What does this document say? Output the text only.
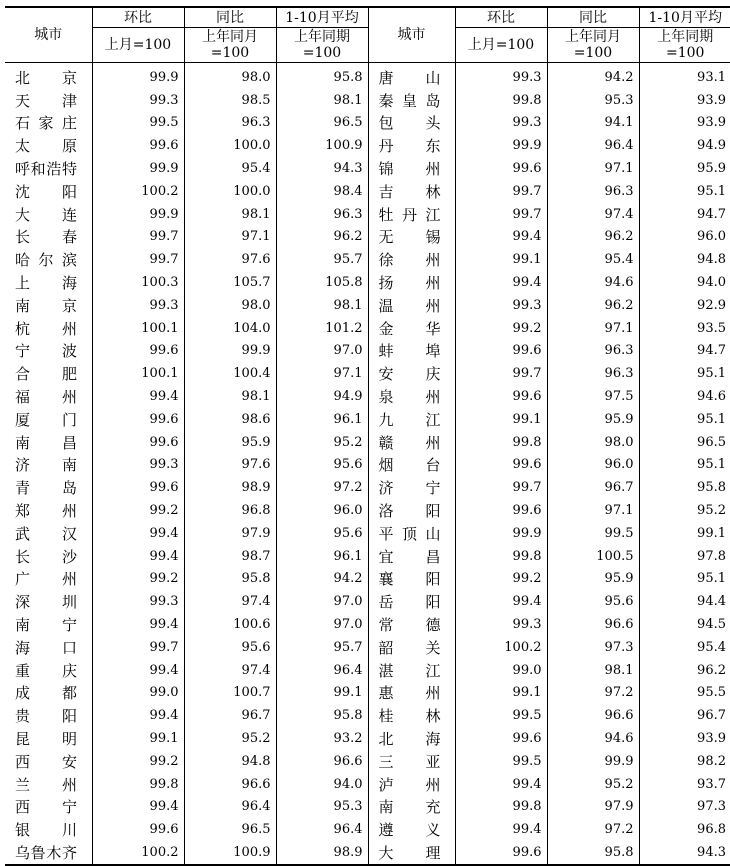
城市	环比	同比	1-10月平均	城市	环比	同比	1-10月平均
	上月=100	上年同月=100	上年同期=100		上月=100	上年同月=100	上年同期=100

北 京	99.9	98.0	95.8	唐 山	99.3	94.2	93.1

天 津	99.3	98.5	98.1	秦 皇 岛	99.8	95.3	93.9

石 家 庄	99.5	96.3	96.5	包 头	99.3	94.1	93.9

太 原	99.6	100.0	100.9	丹 东	99.9	96.4	94.9

呼和浩特	99.9	95.4	94.3	锦 州	99.6	97.1	95.9

沈 阳	100.2	100.0	98.4	吉 林	99.7	96.3	95.1

大 连	99.9	98.1	96.3	牡 丹 江	99.7	97.4	94.7

长 春	99.7	97.1	96.2	无 锡	99.4	96.2	96.0

哈 尔 滨	99.7	97.6	95.7	徐 州	99.1	95.4	94.8

上 海	100.3	105.7	105.8	扬 州	99.4	94.6	94.0

南 京	99.3	98.0	98.1	温 州	99.3	96.2	92.9

杭 州	100.1	104.0	101.2	金 华	99.2	97.1	93.5

宁 波	99.6	99.9	97.0	蚌 埠	99.6	96.3	94.7

合 肥	100.1	100.4	97.1	安 庆	99.7	96.3	95.1

福 州	99.4	98.1	94.9	泉 州	99.6	97.5	94.6

厦 门	99.6	98.6	96.1	九 江	99.1	95.9	95.1

南 昌	99.6	95.9	95.2	赣 州	99.8	98.0	96.5

济 南	99.3	97.6	95.6	烟 台	99.6	96.0	95.1

青 岛	99.6	98.9	97.2	济 宁	99.7	96.7	95.8

郑 州	99.2	96.8	96.0	洛 阳	99.6	97.1	95.2

武 汉	99.4	97.9	95.6	平 顶 山	99.9	99.5	99.1

长 沙	99.4	98.7	96.1	宜 昌	99.8	100.5	97.8

广 州	99.2	95.8	94.2	襄 阳	99.2	95.9	95.1

深 圳	99.3	97.4	97.0	岳 阳	99.4	95.6	94.4

南 宁	99.4	100.6	97.0	常 德	99.3	96.6	94.5

海 口	99.7	95.6	95.7	韶 关	100.2	97.3	95.4

重 庆	99.4	97.4	96.4	湛 江	99.0	98.1	96.2

成 都	99.0	100.7	99.1	惠 州	99.1	97.2	95.5

贵 阳	99.4	96.7	95.8	桂 林	99.5	96.6	96.7

昆 明	99.1	95.2	93.2	北 海	99.6	94.6	93.9

西 安	99.2	94.8	96.6	三 亚	99.5	99.9	98.2

兰 州	99.8	96.6	94.0	泸 州	99.4	95.2	93.7

西 宁	99.4	96.4	95.3	南 充	99.8	97.9	97.3

银 川	99.6	96.5	96.4	遵 义	99.4	97.2	96.8

乌鲁木齐	100.2	100.9	98.9	大 理	99.6	95.8	94.3
